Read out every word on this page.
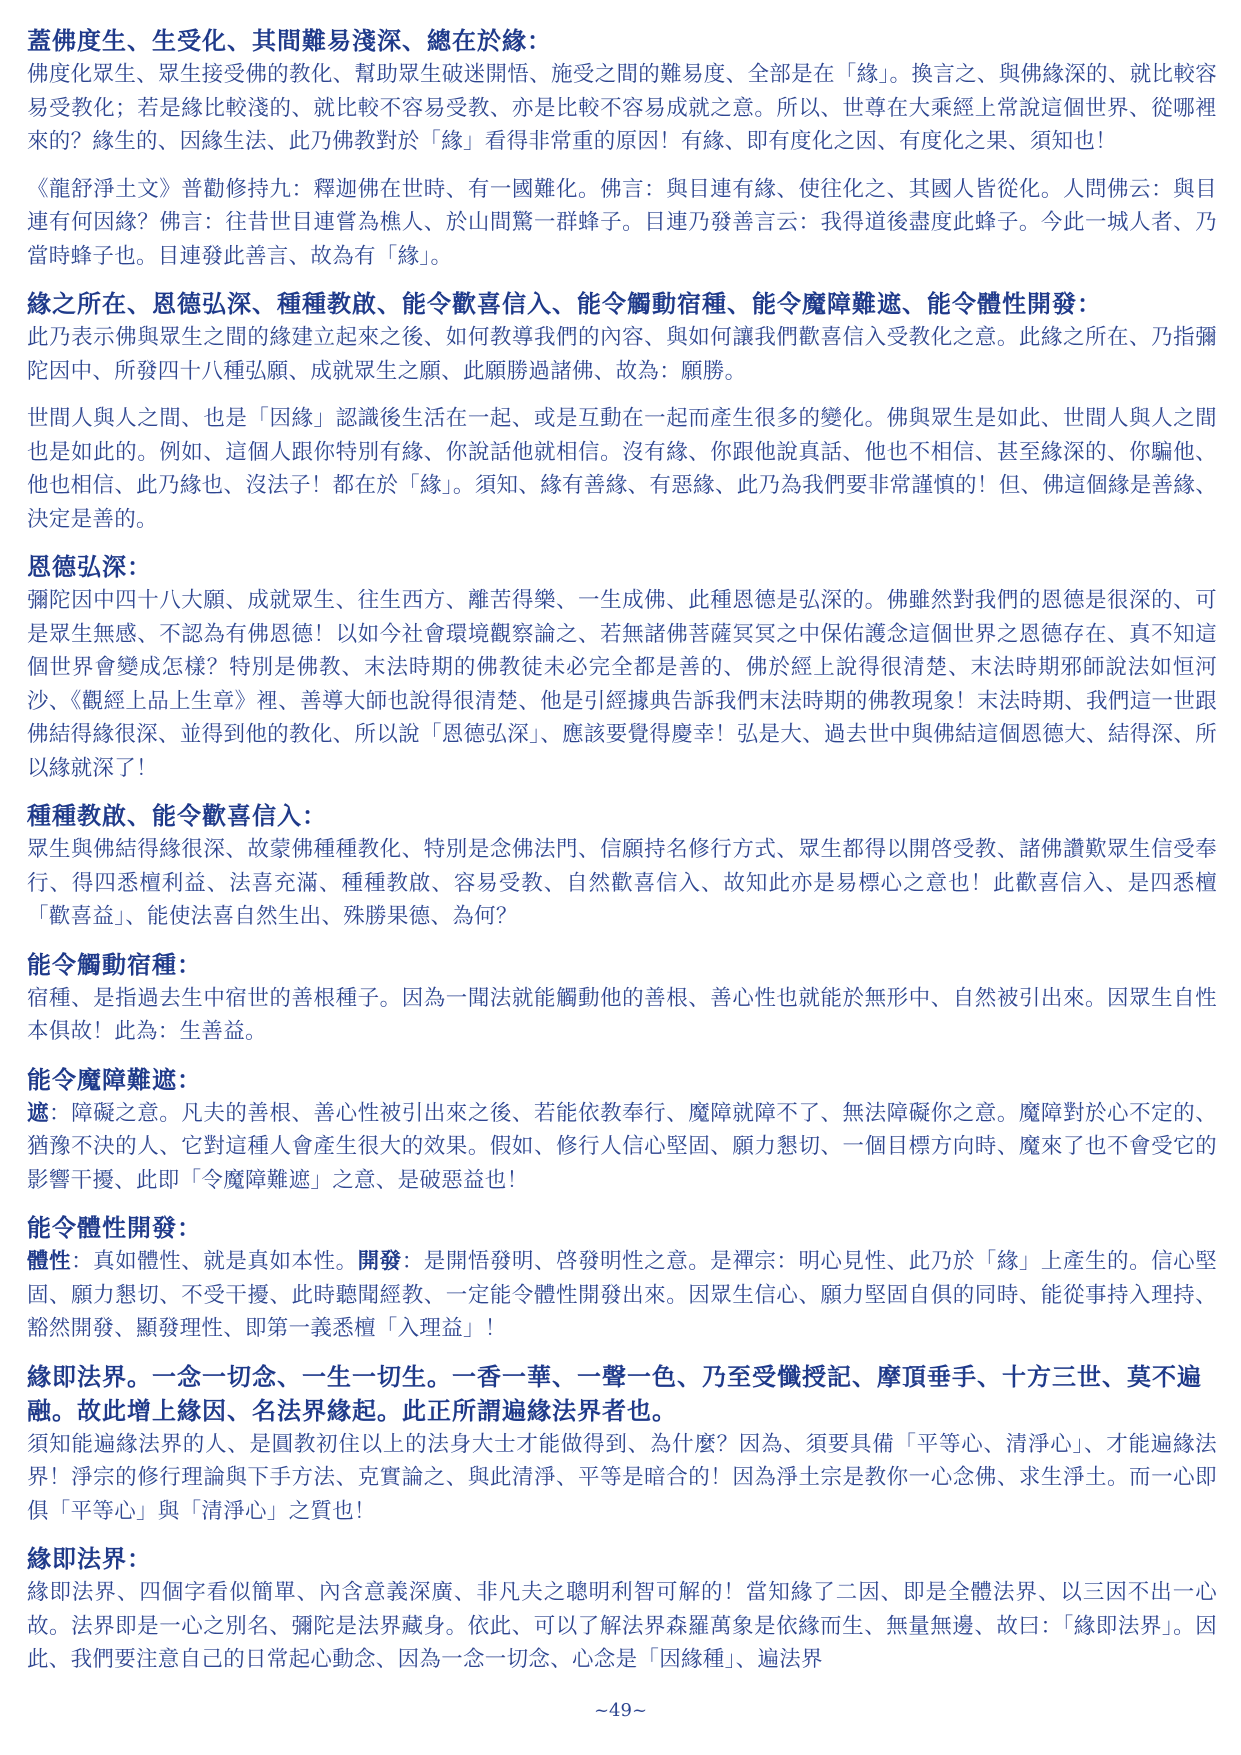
蓋佛度生、生受化、其間難易淺深、總在於緣：

佛度化眾生、眾生接受佛的教化、幫助眾生破迷開悟、施受之間的難易度、全部是在「緣」。換言之、與佛緣深的、就比較容易受教化；若是緣比較淺的、就比較不容易受教、亦是比較不容易成就之意。所以、世尊在大乘經上常說這個世界、從哪裡來的？緣生的、因緣生法、此乃佛教對於「緣」看得非常重的原因！有緣、即有度化之因、有度化之果、須知也！

《龍舒淨土文》普勸修持九：釋迦佛在世時、有一國難化。佛言：與目連有緣、使往化之、其國人皆從化。人問佛云：與目連有何因緣？佛言：往昔世目連嘗為樵人、於山間驚一群蜂子。目連乃發善言云：我得道後盡度此蜂子。今此一城人者、乃當時蜂子也。目連發此善言、故為有「緣」。

緣之所在、恩德弘深、種種教啟、能令歡喜信入、能令觸動宿種、能令魔障難遮、能令體性開發：

此乃表示佛與眾生之間的緣建立起來之後、如何教導我們的內容、與如何讓我們歡喜信入受教化之意。此緣之所在、乃指彌陀因中、所發四十八種弘願、成就眾生之願、此願勝過諸佛、故為：願勝。

世間人與人之間、也是「因緣」認識後生活在一起、或是互動在一起而產生很多的變化。佛與眾生是如此、世間人與人之間也是如此的。例如、這個人跟你特別有緣、你說話他就相信。沒有緣、你跟他說真話、他也不相信、甚至緣深的、你騙他、他也相信、此乃緣也、沒法子！都在於「緣」。須知、緣有善緣、有惡緣、此乃為我們要非常謹慎的！但、佛這個緣是善緣、決定是善的。

恩德弘深：

彌陀因中四十八大願、成就眾生、往生西方、離苦得樂、一生成佛、此種恩德是弘深的。佛雖然對我們的恩德是很深的、可是眾生無感、不認為有佛恩德！以如今社會環境觀察論之、若無諸佛菩薩冥冥之中保佑護念這個世界之恩德存在、真不知這個世界會變成怎樣？特別是佛教、末法時期的佛教徒未必完全都是善的、佛於經上說得很清楚、末法時期邪師說法如恒河沙、《觀經上品上生章》裡、善導大師也說得很清楚、他是引經據典告訴我們末法時期的佛教現象！末法時期、我們這一世跟佛結得緣很深、並得到他的教化、所以說「恩德弘深」、應該要覺得慶幸！弘是大、過去世中與佛結這個恩德大、結得深、所以緣就深了！

種種教啟、能令歡喜信入：

眾生與佛結得緣很深、故蒙佛種種教化、特別是念佛法門、信願持名修行方式、眾生都得以開啓受教、諸佛讚歎眾生信受奉行、得四悉檀利益、法喜充滿、種種教啟、容易受教、自然歡喜信入、故知此亦是易標心之意也！此歡喜信入、是四悉檀「歡喜益」、能使法喜自然生出、殊勝果德、為何？

能令觸動宿種：

宿種、是指過去生中宿世的善根種子。因為一聞法就能觸動他的善根、善心性也就能於無形中、自然被引出來。因眾生自性本俱故！此為：生善益。

能令魔障難遮：

遮：障礙之意。凡夫的善根、善心性被引出來之後、若能依教奉行、魔障就障不了、無法障礙你之意。魔障對於心不定的、猶豫不決的人、它對這種人會產生很大的效果。假如、修行人信心堅固、願力懇切、一個目標方向時、魔來了也不會受它的影響干擾、此即「令魔障難遮」之意、是破惡益也！

能令體性開發：

體性：真如體性、就是真如本性。開發：是開悟發明、啓發明性之意。是禪宗：明心見性、此乃於「緣」上產生的。信心堅固、願力懇切、不受干擾、此時聽聞經教、一定能令體性開發出來。因眾生信心、願力堅固自俱的同時、能從事持入理持、豁然開發、顯發理性、即第一義悉檀「入理益」！

緣即法界。一念一切念、一生一切生。一香一華、一聲一色、乃至受懺授記、摩頂垂手、十方三世、莫不遍融。故此增上緣因、名法界緣起。此正所謂遍緣法界者也。

須知能遍緣法界的人、是圓教初住以上的法身大士才能做得到、為什麼？因為、須要具備「平等心、清淨心」、才能遍緣法界！淨宗的修行理論與下手方法、克實論之、與此清淨、平等是暗合的！因為淨土宗是教你一心念佛、求生淨土。而一心即俱「平等心」與「清淨心」之質也！

緣即法界：

緣即法界、四個字看似簡單、內含意義深廣、非凡夫之聰明利智可解的！當知緣了二因、即是全體法界、以三因不出一心故。法界即是一心之別名、彌陀是法界藏身。依此、可以了解法界森羅萬象是依緣而生、無量無邊、故曰：「緣即法界」。因此、我們要注意自己的日常起心動念、因為一念一切念、心念是「因緣種」、遍法界

~49~
